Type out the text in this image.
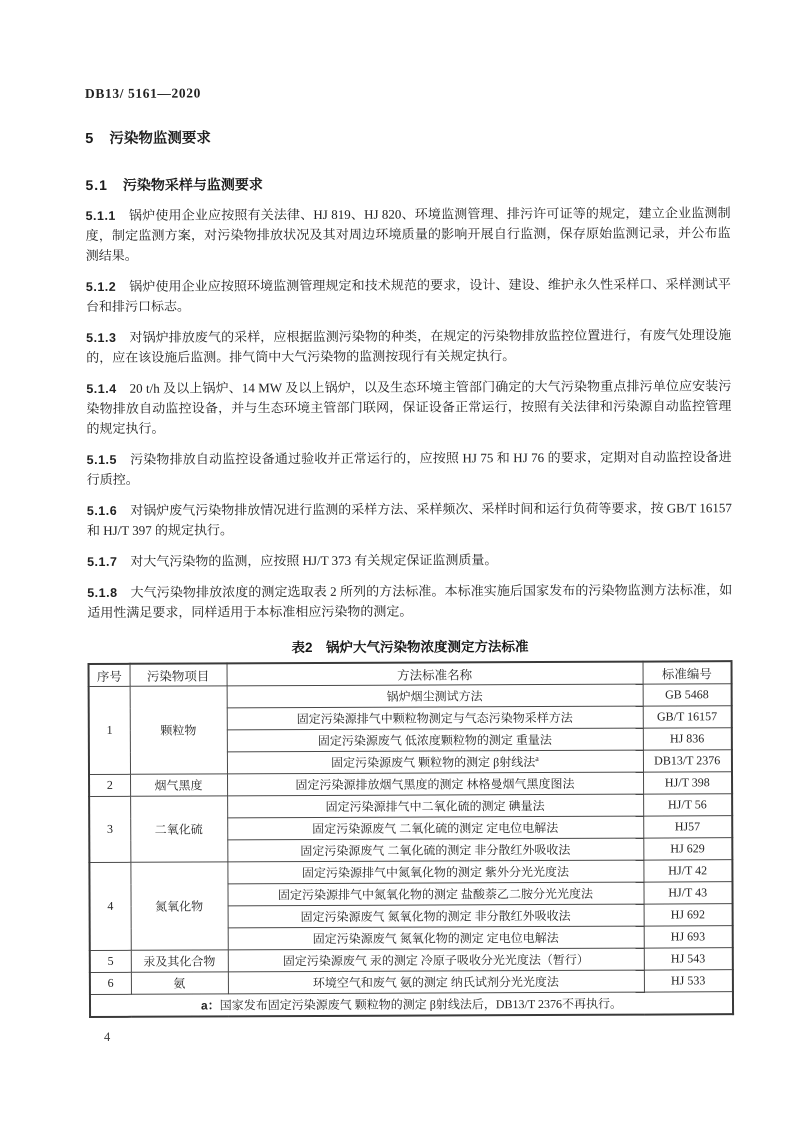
DB13/ 5161—2020
5 污染物监测要求
5.1 污染物采样与监测要求

5.1.1 锅炉使用企业应按照有关法律、HJ 819、HJ 820、环境监测管理、排污许可证等的规定，建立企业监测制度，制定监测方案，对污染物排放状况及其对周边环境质量的影响开展自行监测，保存原始监测记录，并公布监测结果。

5.1.2 锅炉使用企业应按照环境监测管理规定和技术规范的要求，设计、建设、维护永久性采样口、采样测试平台和排污口标志。

5.1.3 对锅炉排放废气的采样，应根据监测污染物的种类，在规定的污染物排放监控位置进行，有废气处理设施的，应在该设施后监测。排气筒中大气污染物的监测按现行有关规定执行。

5.1.4 20 t/h 及以上锅炉、14 MW 及以上锅炉，以及生态环境主管部门确定的大气污染物重点排污单位应安装污染物排放自动监控设备，并与生态环境主管部门联网，保证设备正常运行，按照有关法律和污染源自动监控管理的规定执行。

5.1.5 污染物排放自动监控设备通过验收并正常运行的，应按照 HJ 75 和 HJ 76 的要求，定期对自动监控设备进行质控。

5.1.6 对锅炉废气污染物排放情况进行监测的采样方法、采样频次、采样时间和运行负荷等要求，按 GB/T 16157 和 HJ/T 397 的规定执行。

5.1.7 对大气污染物的监测，应按照 HJ/T 373 有关规定保证监测质量。

5.1.8 大气污染物排放浓度的测定选取表 2 所列的方法标准。本标准实施后国家发布的污染物监测方法标准，如适用性满足要求，同样适用于本标准相应污染物的测定。

表2　锅炉大气污染物浓度测定方法标准
序号	污染物项目	方法标准名称	标准编号
1	颗粒物	锅炉烟尘测试方法	GB 5468
		固定污染源排气中颗粒物测定与气态污染物采样方法	GB/T 16157
		固定污染源废气 低浓度颗粒物的测定 重量法	HJ 836
		固定污染源废气 颗粒物的测定 β射线法$^a$	DB13/T 2376
2	烟气黑度	固定污染源排放烟气黑度的测定 林格曼烟气黑度图法	HJ/T 398
3	二氧化硫	固定污染源排气中二氧化硫的测定 碘量法	HJ/T 56
		固定污染源废气 二氧化硫的测定 定电位电解法	HJ57
		固定污染源废气 二氧化硫的测定 非分散红外吸收法	HJ 629
4	氮氧化物	固定污染源排气中氮氧化物的测定 紫外分光光度法	HJ/T 42
		固定污染源排气中氮氧化物的测定 盐酸萘乙二胺分光光度法	HJ/T 43
		固定污染源废气 氮氧化物的测定 非分散红外吸收法	HJ 692
		固定污染源废气 氮氧化物的测定 定电位电解法	HJ 693
5	汞及其化合物	固定污染源废气 汞的测定 冷原子吸收分光光度法（暂行）	HJ 543
6	氨	环境空气和废气 氨的测定 纳氏试剂分光光度法	HJ 533
a：国家发布固定污染源废气 颗粒物的测定 β射线法后，DB13/T 2376不再执行。			
4
